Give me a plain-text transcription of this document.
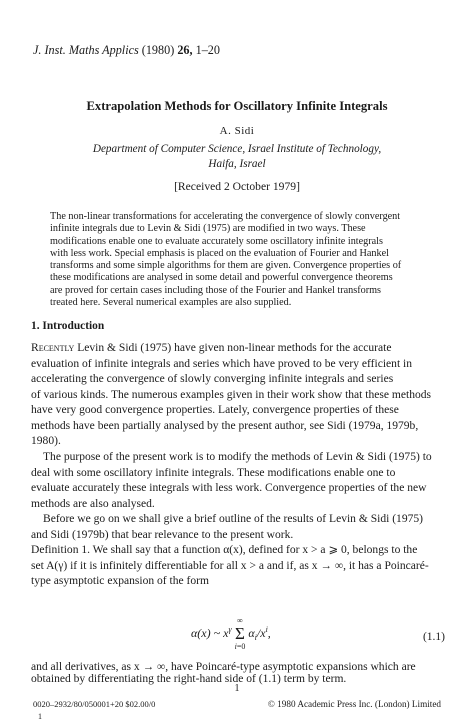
J. Inst. Maths Applics (1980) 26, 1–20
Extrapolation Methods for Oscillatory Infinite Integrals
A. Sidi
Department of Computer Science, Israel Institute of Technology,
Haifa, Israel
[Received 2 October 1979]
The non-linear transformations for accelerating the convergence of slowly convergent
infinite integrals due to Levin & Sidi (1975) are modified in two ways. These
modifications enable one to evaluate accurately some oscillatory infinite integrals
with less work. Special emphasis is placed on the evaluation of Fourier and Hankel
transforms and some simple algorithms for them are given. Convergence properties of
these modifications are analysed in some detail and powerful convergence theorems
are proved for certain cases including those of the Fourier and Hankel transforms
treated here. Several numerical examples are also supplied.
1. Introduction
Recently Levin & Sidi (1975) have given non-linear methods for the accurate
evaluation of infinite integrals and series which have proved to be very efficient in
accelerating the convergence of slowly converging infinite integrals and series
of various kinds. The numerous examples given in their work show that these methods
have very good convergence properties. Lately, convergence properties of these
methods have been partially analysed by the present author, see Sidi (1979a, 1979b,
1980).
The purpose of the present work is to modify the methods of Levin & Sidi (1975) to
deal with some oscillatory infinite integrals. These modifications enable one to
evaluate accurately these integrals with less work. Convergence properties of the new
methods are also analysed.
Before we go on we shall give a brief outline of the results of Levin & Sidi (1975)
and Sidi (1979b) that bear relevance to the present work.
Definition 1. We shall say that a function α(x), defined for x > a ⩾ 0, belongs to the
set A(γ) if it is infinitely differentiable for all x > a and if, as x → ∞, it has a Poincaré-
type asymptotic expansion of the form
α(x) ~ $x^\gamma$
∞
Σ
i=0
$\alpha_i/x^i$,	(1.1)
and all derivatives, as x → ∞, have Poincaré-type asymptotic expansions which are
obtained by differentiating the right-hand side of (1.1) term by term.
1
0020–2932/80/050001+20 $02.00/0	© 1980 Academic Press Inc. (London) Limited
1
